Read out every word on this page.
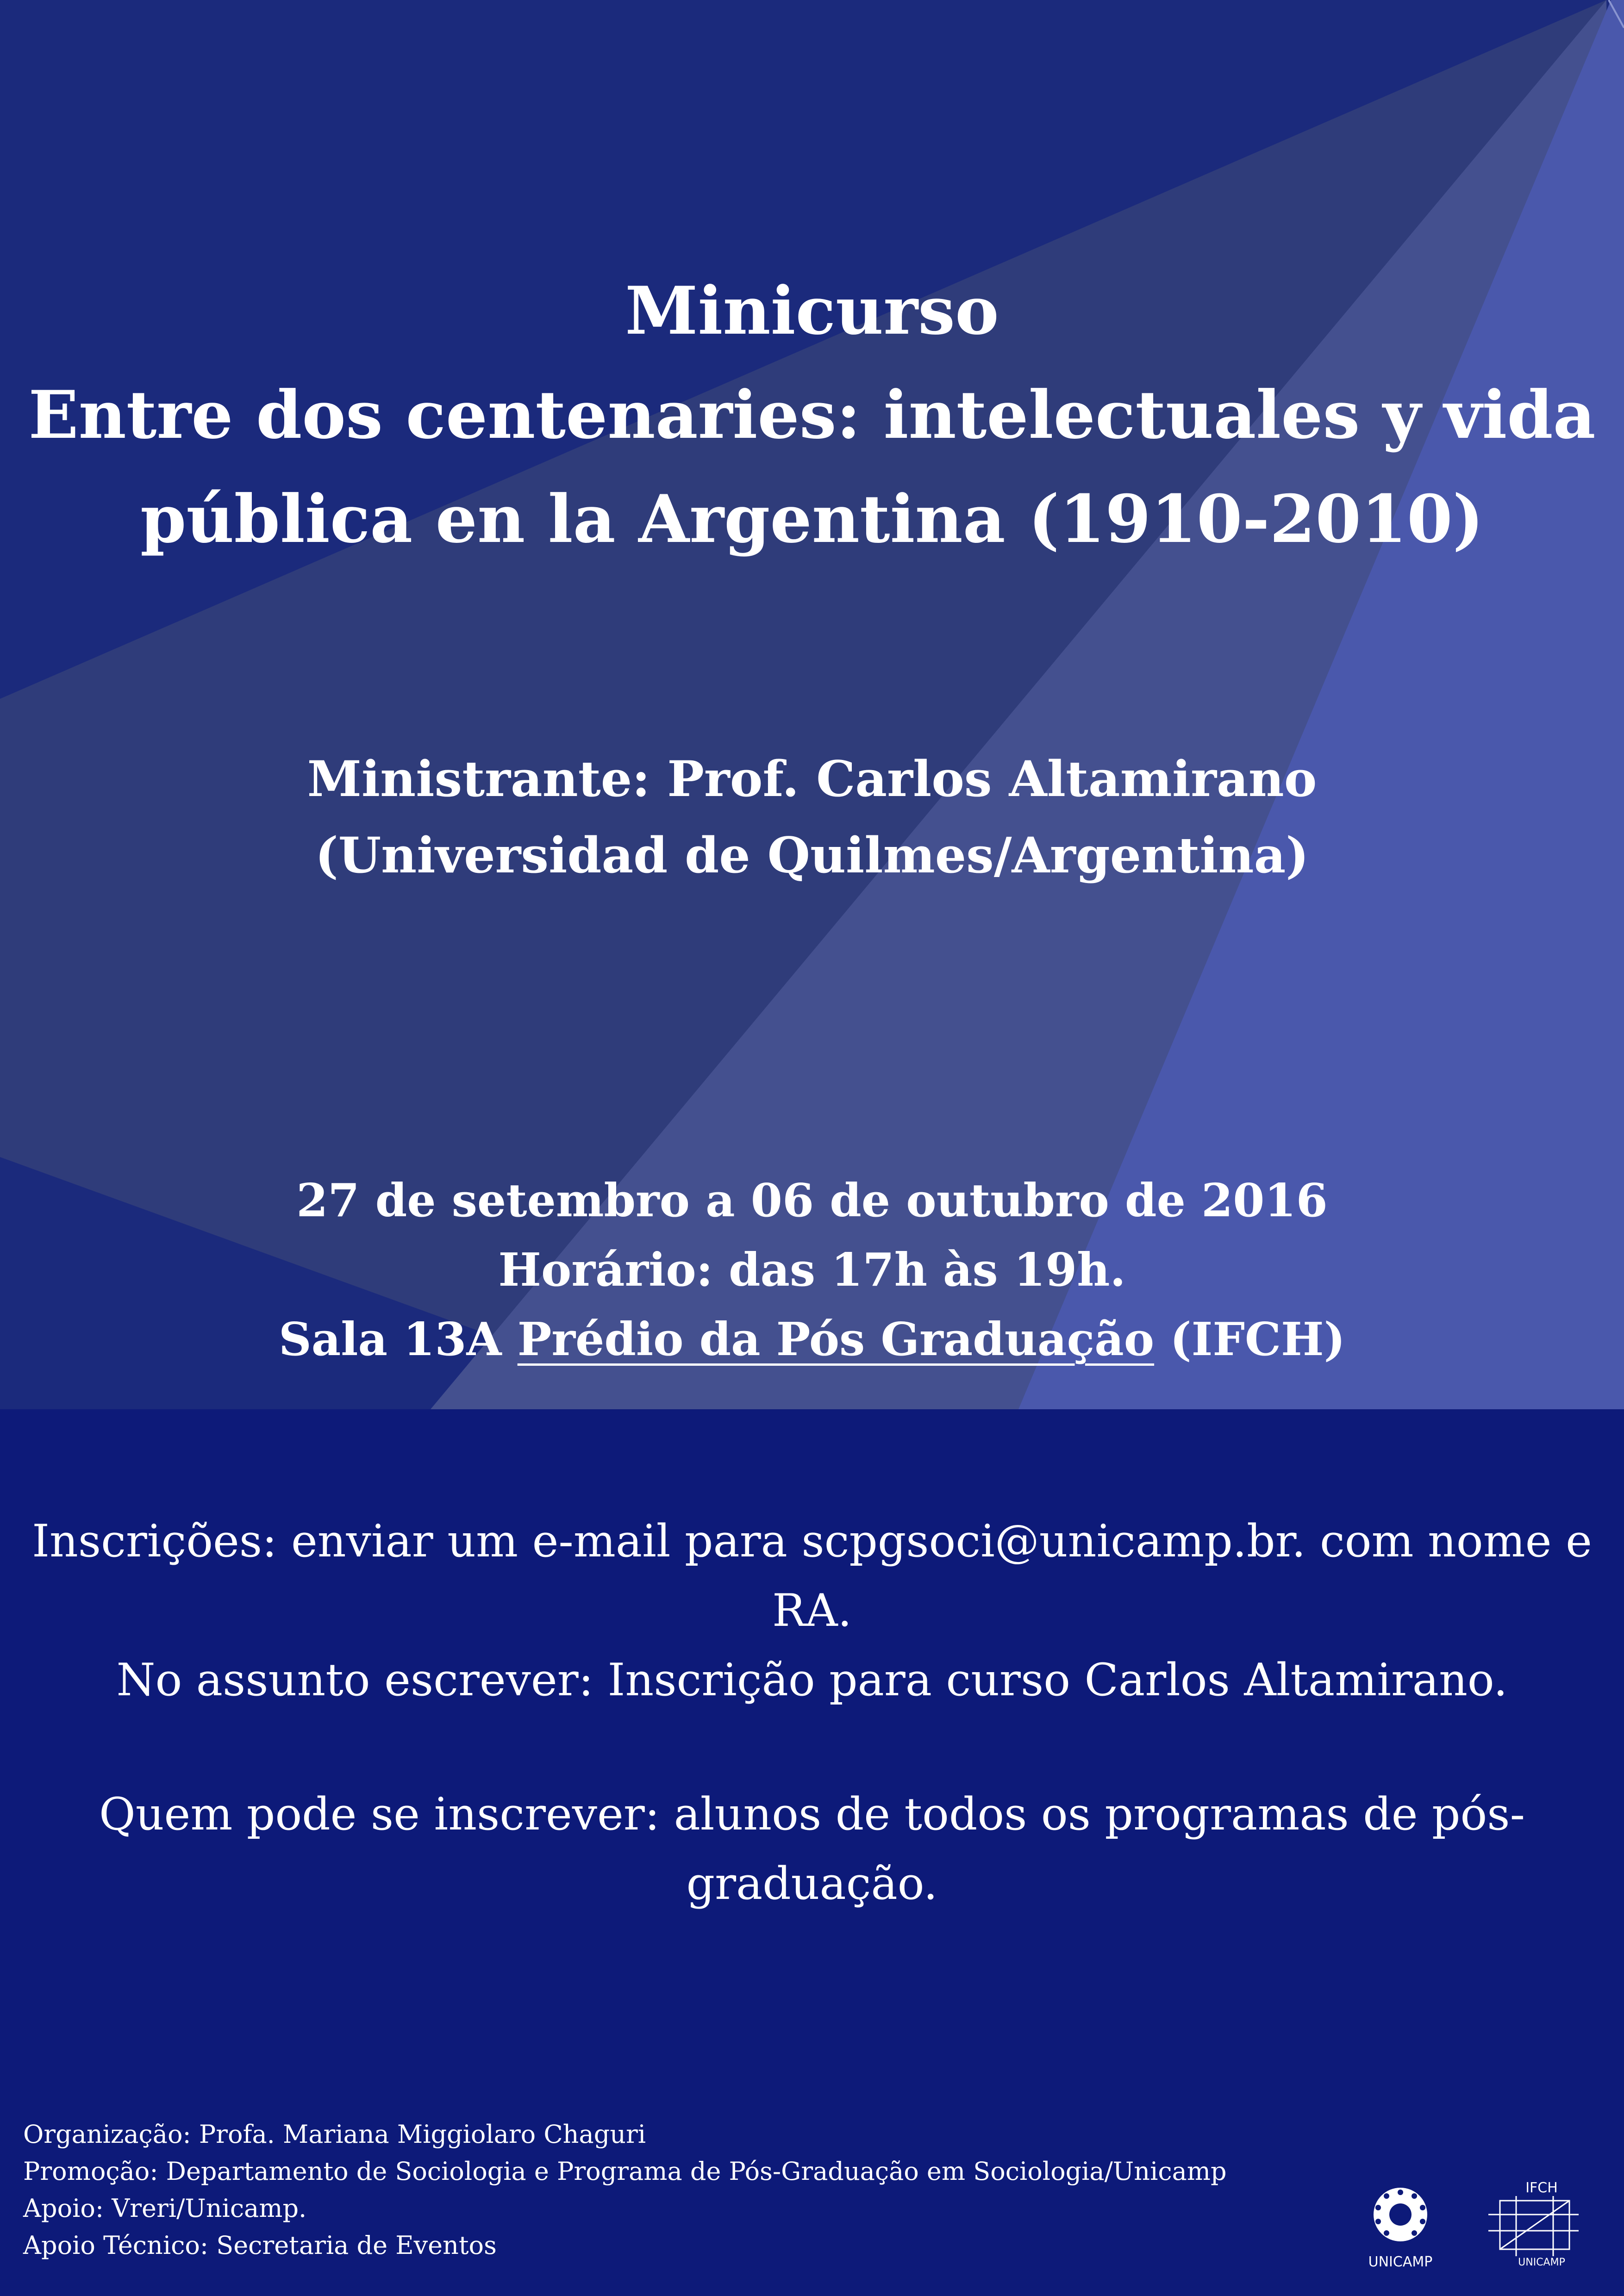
Minicurso
Entre dos centenaries: intelectuales y vida
pública en la Argentina (1910-2010)
Ministrante: Prof. Carlos Altamirano
(Universidad de Quilmes/Argentina)
27 de setembro a 06 de outubro de 2016
Horário: das 17h às 19h.
Sala 13A Prédio da Pós Graduação (IFCH)
Inscrições: enviar um e-mail para scpgsoci@unicamp.br. com nome e RA.
No assunto escrever: Inscrição para curso Carlos Altamirano.
Quem pode se inscrever: alunos de todos os programas de pós-graduação.
Organização: Profa. Mariana Miggiolaro Chaguri
Promoção: Departamento de Sociologia e Programa de Pós-Graduação em Sociologia/Unicamp
Apoio: Vreri/Unicamp.
Apoio Técnico: Secretaria de Eventos
UNICAMP
IFCH
UNICAMP
